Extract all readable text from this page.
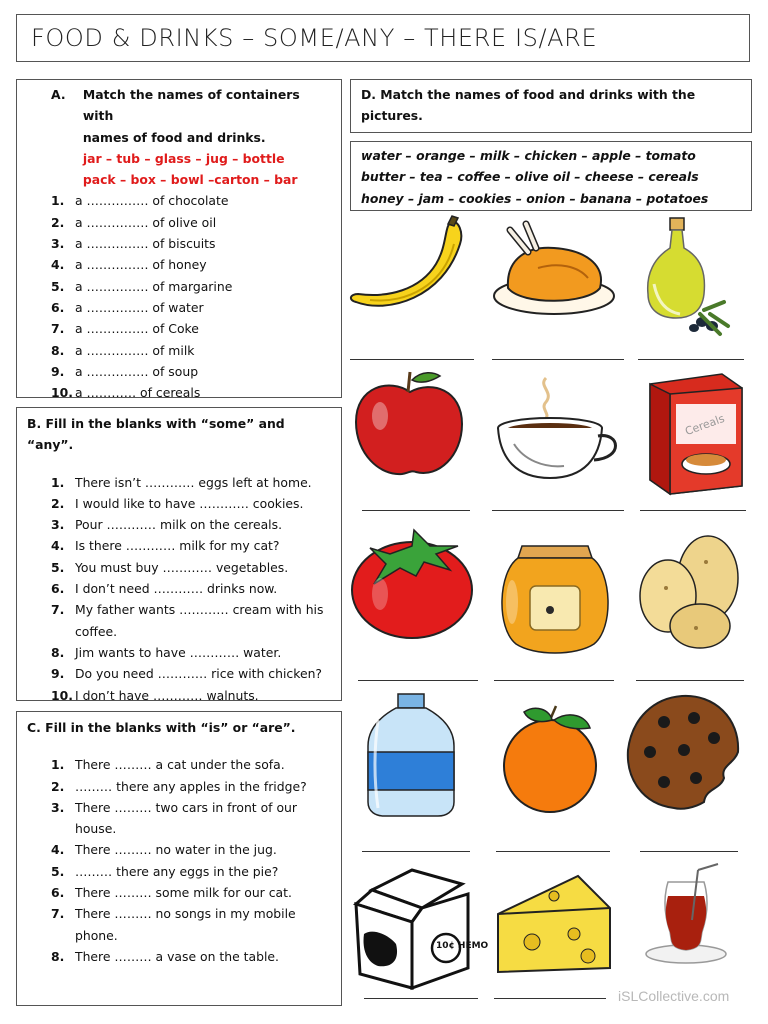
FOOD & DRINKS – SOME/ANY – THERE IS/ARE
A.	Match the names of containers with
names of food and drinks.
jar – tub – glass – jug – bottle
pack – box – bowl –carton – bar
1. a …………… of chocolate
2. a …………… of olive oil
3. a …………… of biscuits
4. a …………… of honey
5. a …………… of margarine
6. a …………… of water
7. a …………… of Coke
8. a …………… of milk
9. a …………… of soup
10. a ………… of cereals
B. Fill in the blanks with “some” and “any”.
1. There isn’t ………… eggs left at home.
2. I would like to have ………… cookies.
3. Pour ………… milk on the cereals.
4. Is there ………… milk for my cat?
5. You must buy ………… vegetables.
6. I don’t need ………… drinks now.
7. My father wants ………… cream with his coffee.
8. Jim wants to have ………… water.
9. Do you need ………… rice with chicken?
10. I don’t have ………… walnuts.
C. Fill in the blanks with “is” or “are”.
1. There ……… a cat under the sofa.
2. ……… there any apples in the fridge?
3. There ……… two cars in front of our house.
4. There ……… no water in the jug.
5. ……… there any eggs in the pie?
6. There ……… some milk for our cat.
7. There ……… no songs in my mobile phone.
8. There ……… a vase on the table.
D. Match the names of food and drinks with the
pictures.
water – orange – milk – chicken – apple – tomato
butter – tea – coffee – olive oil – cheese – cereals
honey – jam – cookies – onion – banana – potatoes
Cereals
10¢ HEMO
iSLCollective.com
